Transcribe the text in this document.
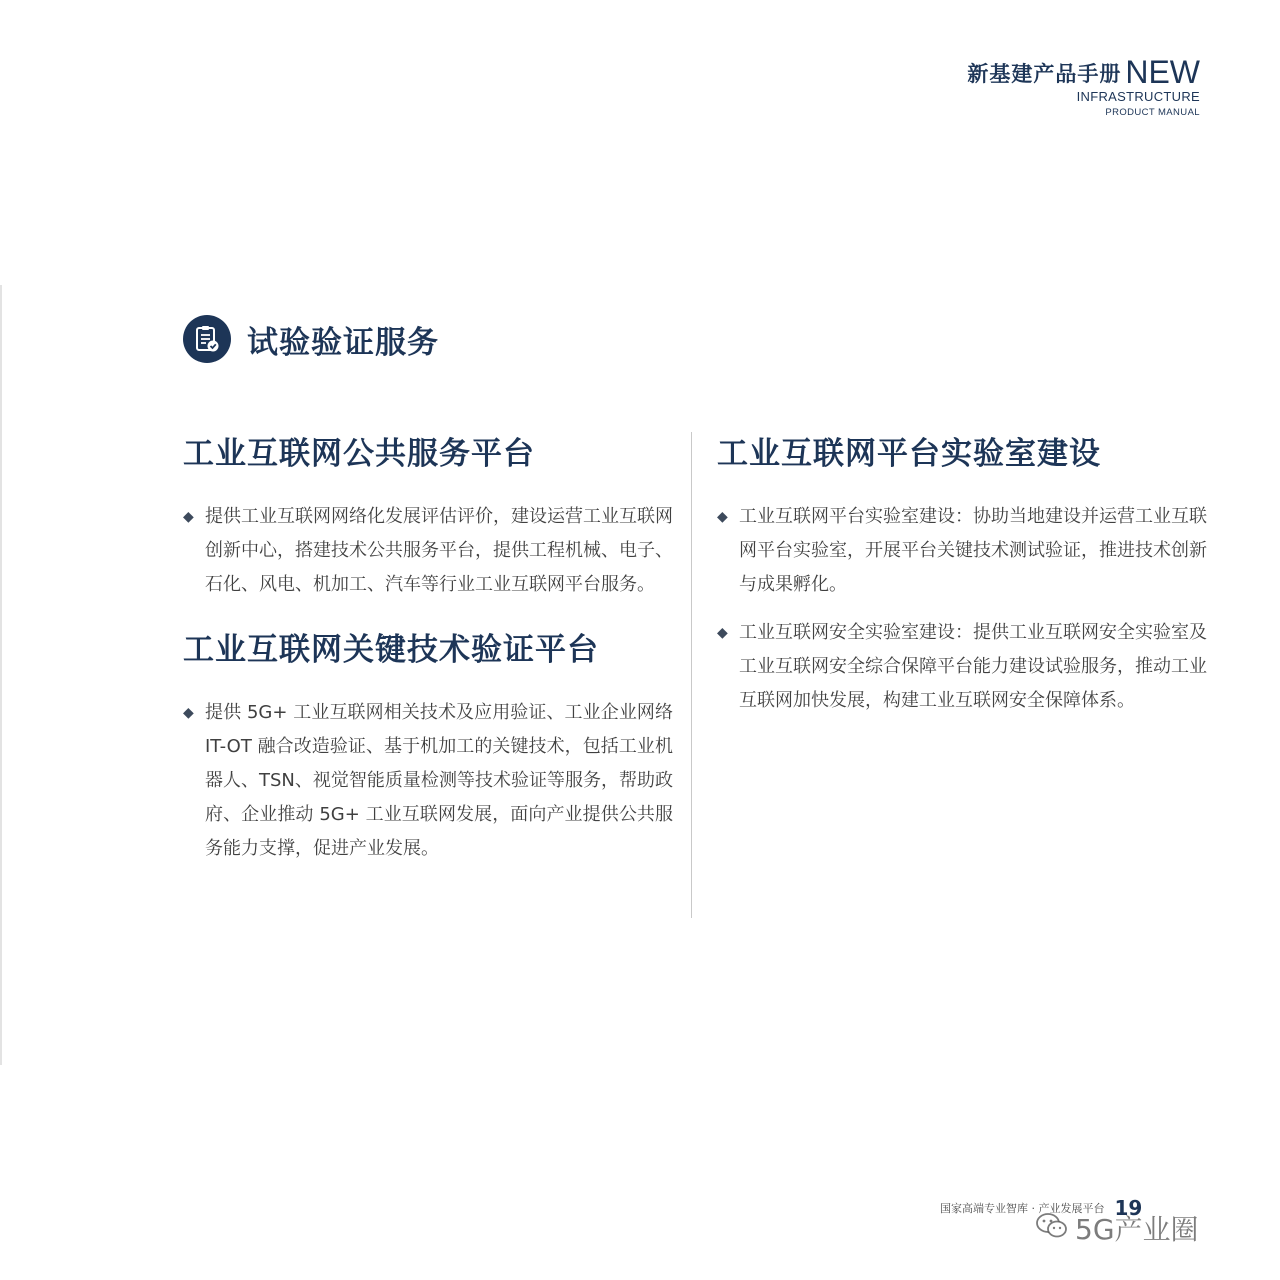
新基建产品手册 NEW
INFRASTRUCTURE
PRODUCT MANUAL
试验验证服务
工业互联网公共服务平台
◆ 提供工业互联网网络化发展评估评价，建设运营工业互联网创新中心，搭建技术公共服务平台，提供工程机械、电子、石化、风电、机加工、汽车等行业工业互联网平台服务。
工业互联网关键技术验证平台
◆ 提供 5G+ 工业互联网相关技术及应用验证、工业企业网络 IT-OT 融合改造验证、基于机加工的关键技术，包括工业机器人、TSN、视觉智能质量检测等技术验证等服务，帮助政府、企业推动 5G+ 工业互联网发展，面向产业提供公共服务能力支撑，促进产业发展。
工业互联网平台实验室建设
◆ 工业互联网平台实验室建设：协助当地建设并运营工业互联网平台实验室，开展平台关键技术测试验证，推进技术创新与成果孵化。
◆ 工业互联网安全实验室建设：提供工业互联网安全实验室及工业互联网安全综合保障平台能力建设试验服务，推动工业互联网加快发展，构建工业互联网安全保障体系。
国家高端专业智库 · 产业发展平台 19
5G产业圈
